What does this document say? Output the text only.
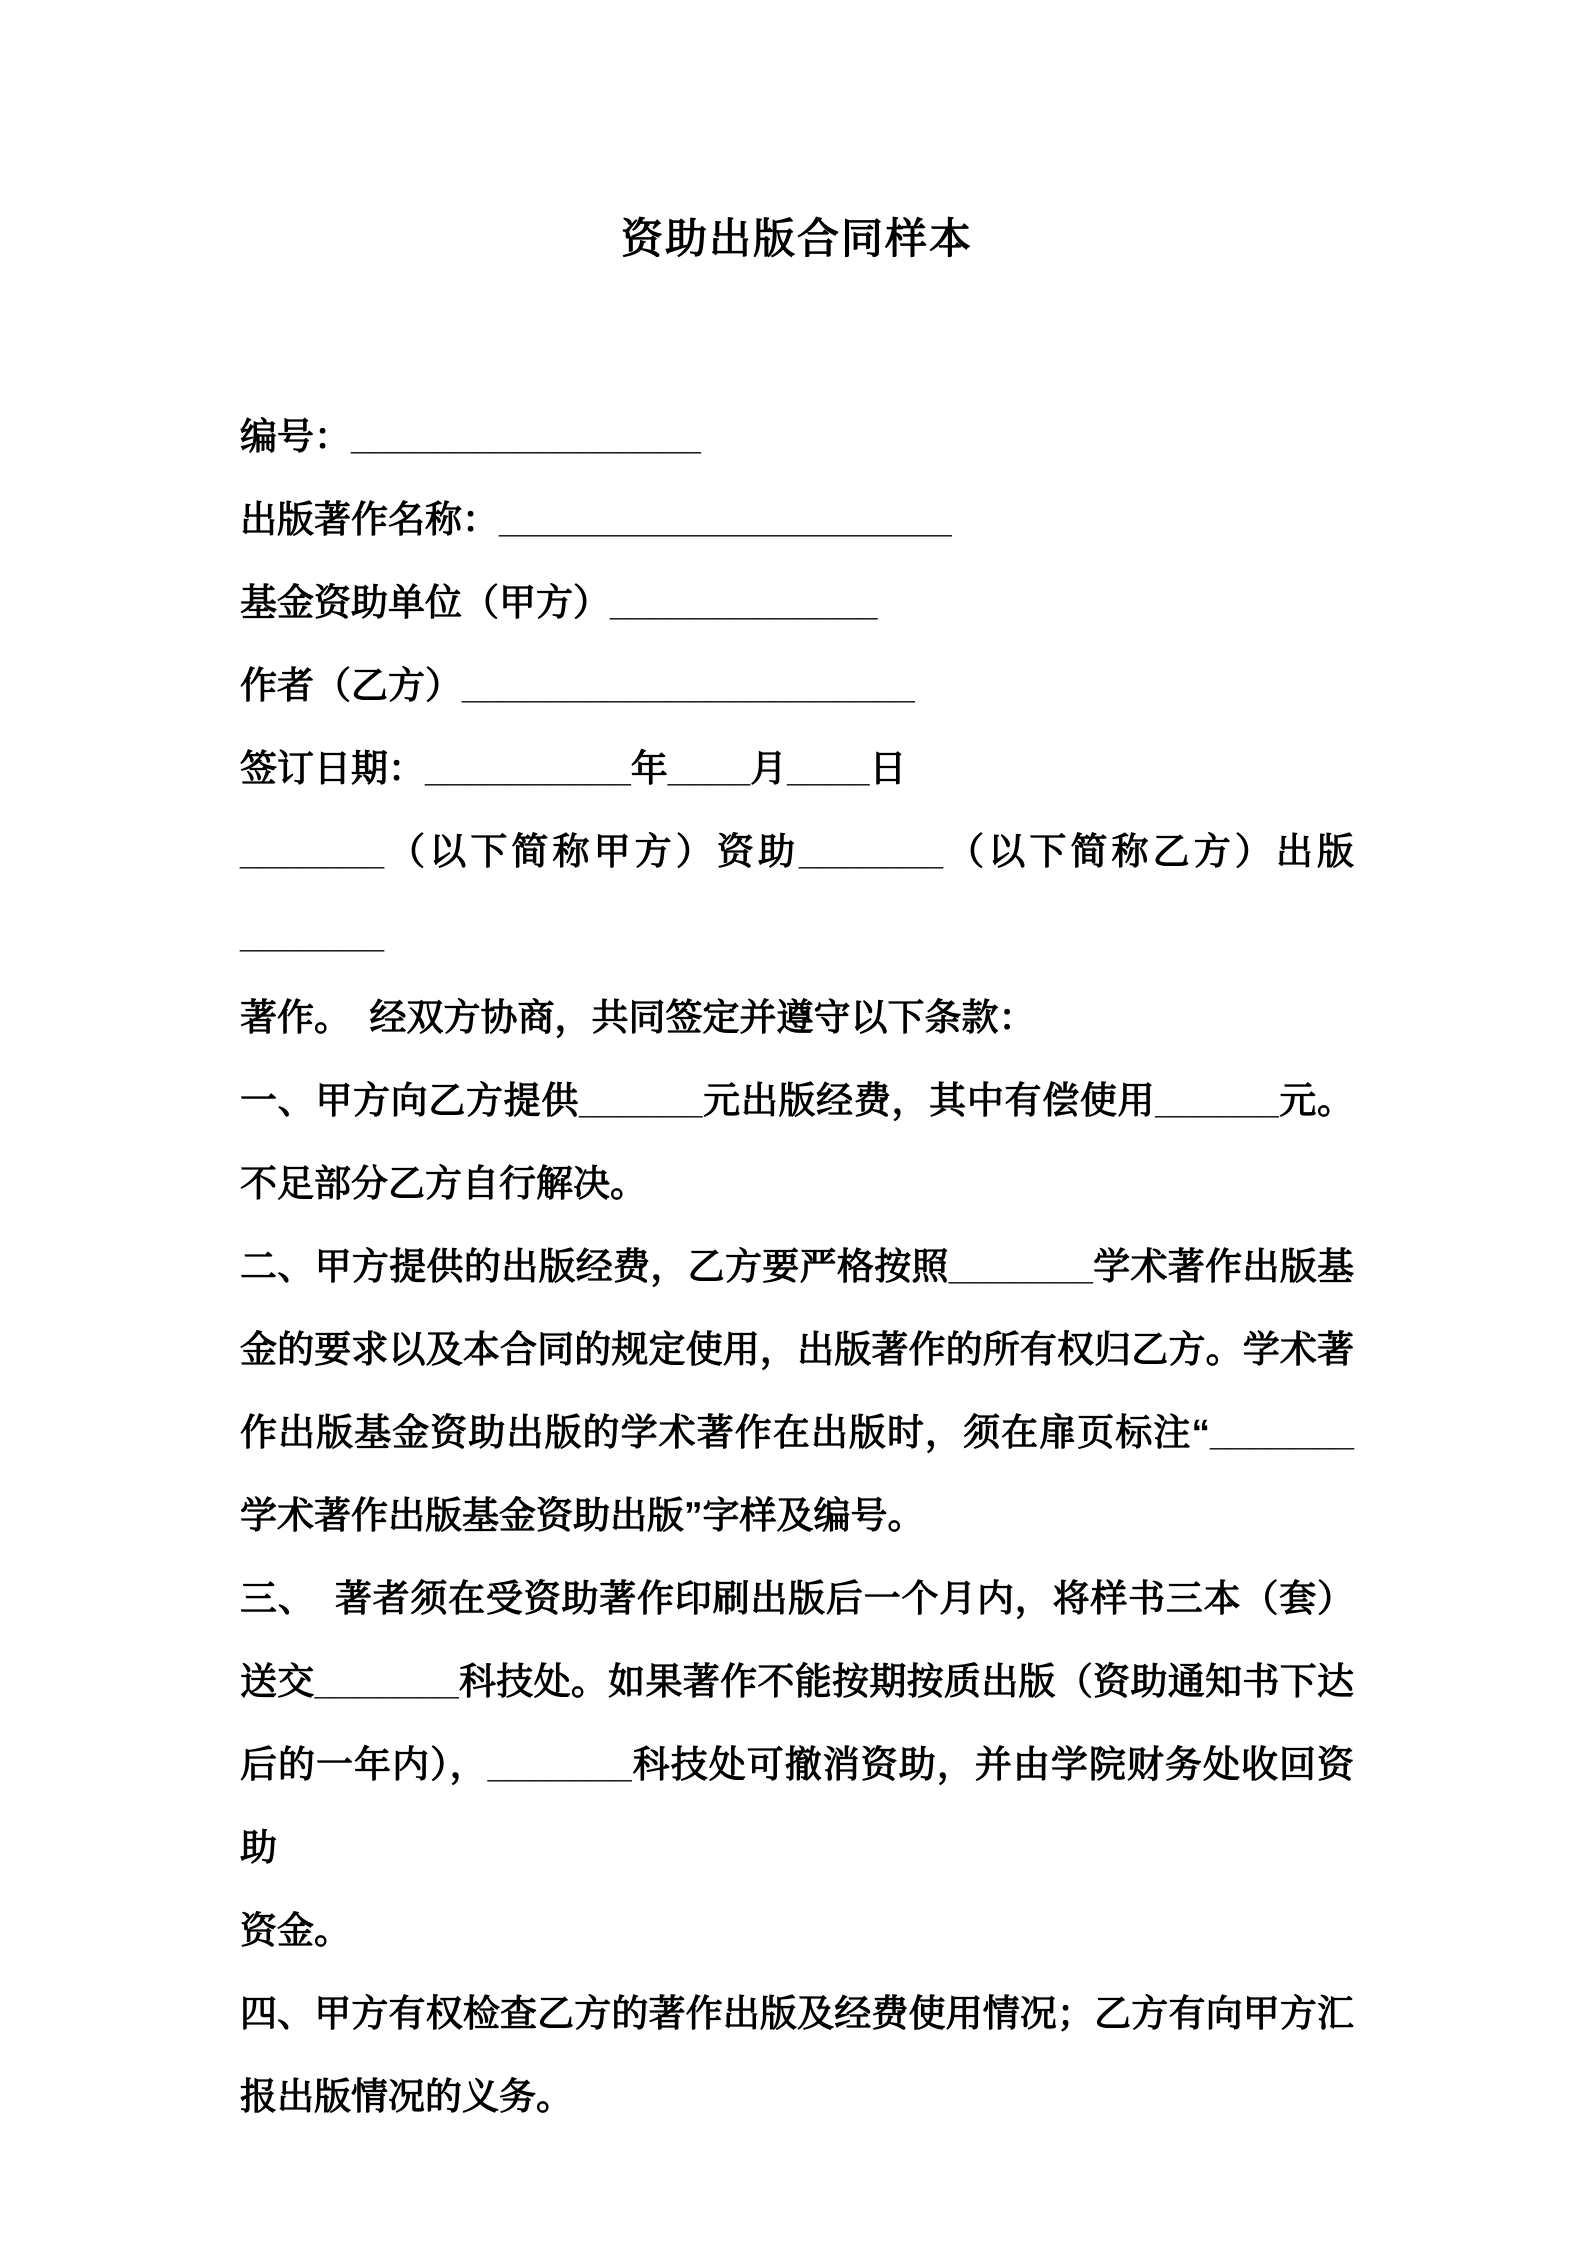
资助出版合同样本
编号：_________________
出版著作名称：______________________
基金资助单位（甲方）_____________
作者（乙方）______________________
签订日期：__________年____月____日
_______（以下简称甲方）资助_______（以下简称乙方）出版_______
著作。　经双方协商，共同签定并遵守以下条款：
一、甲方向乙方提供______元出版经费，其中有偿使用______元。
不足部分乙方自行解决。
二、甲方提供的出版经费，乙方要严格按照_______学术著作出版基
金的要求以及本合同的规定使用，出版著作的所有权归乙方。学术著
作出版基金资助出版的学术著作在出版时，须在扉页标注“_______
学术著作出版基金资助出版”字样及编号。
三、　著者须在受资助著作印刷出版后一个月内，将样书三本（套）
送交_______科技处。如果著作不能按期按质出版（资助通知书下达
后的一年内），_______科技处可撤消资助，并由学院财务处收回资助
资金。
四、甲方有权检查乙方的著作出版及经费使用情况；乙方有向甲方汇
报出版情况的义务。
